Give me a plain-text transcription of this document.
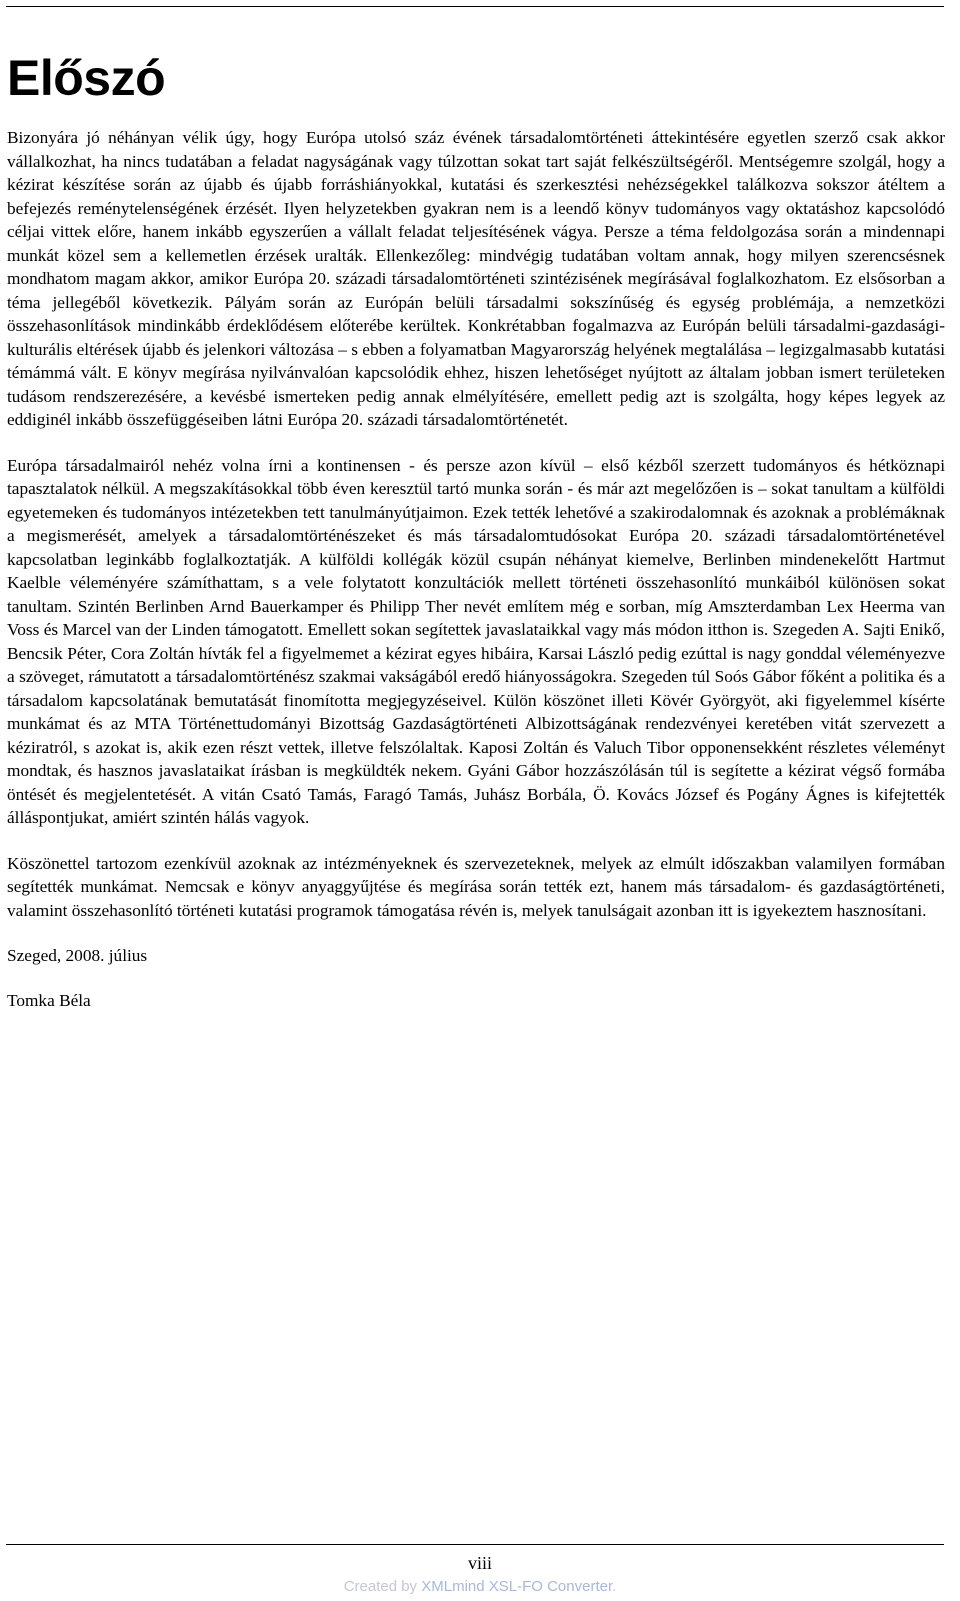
Előszó

Bizonyára jó néhányan vélik úgy, hogy Európa utolsó száz évének társadalomtörténeti áttekintésére egyetlen szerző csak akkor vállalkozhat, ha nincs tudatában a feladat nagyságának vagy túlzottan sokat tart saját felkészültségéről. Mentségemre szolgál, hogy a kézirat készítése során az újabb és újabb forráshiányokkal, kutatási és szerkesztési nehézségekkel találkozva sokszor átéltem a befejezés reménytelenségének érzését. Ilyen helyzetekben gyakran nem is a leendő könyv tudományos vagy oktatáshoz kapcsolódó céljai vittek előre, hanem inkább egyszerűen a vállalt feladat teljesítésének vágya. Persze a téma feldolgozása során a mindennapi munkát közel sem a kellemetlen érzések uralták. Ellenkezőleg: mindvégig tudatában voltam annak, hogy milyen szerencsésnek mondhatom magam akkor, amikor Európa 20. századi társadalomtörténeti szintézisének megírásával foglalkozhatom. Ez elsősorban a téma jellegéből következik. Pályám során az Európán belüli társadalmi sokszínűség és egység problémája, a nemzetközi összehasonlítások mindinkább érdeklődésem előterébe kerültek. Konkrétabban fogalmazva az Európán belüli társadalmi-gazdasági-kulturális eltérések újabb és jelenkori változása – s ebben a folyamatban Magyarország helyének megtalálása – legizgalmasabb kutatási témámmá vált. E könyv megírása nyilvánvalóan kapcsolódik ehhez, hiszen lehetőséget nyújtott az általam jobban ismert területeken tudásom rendszerezésére, a kevésbé ismerteken pedig annak elmélyítésére, emellett pedig azt is szolgálta, hogy képes legyek az eddiginél inkább összefüggéseiben látni Európa 20. századi társadalomtörténetét.

Európa társadalmairól nehéz volna írni a kontinensen - és persze azon kívül – első kézből szerzett tudományos és hétköznapi tapasztalatok nélkül. A megszakításokkal több éven keresztül tartó munka során - és már azt megelőzően is – sokat tanultam a külföldi egyetemeken és tudományos intézetekben tett tanulmányútjaimon. Ezek tették lehetővé a szakirodalomnak és azoknak a problémáknak a megismerését, amelyek a társadalomtörténészeket és más társadalomtudósokat Európa 20. századi társadalomtörténetével kapcsolatban leginkább foglalkoztatják. A külföldi kollégák közül csupán néhányat kiemelve, Berlinben mindenekelőtt Hartmut Kaelble véleményére számíthattam, s a vele folytatott konzultációk mellett történeti összehasonlító munkáiból különösen sokat tanultam. Szintén Berlinben Arnd Bauerkamper és Philipp Ther nevét említem még e sorban, míg Amszterdamban Lex Heerma van Voss és Marcel van der Linden támogatott. Emellett sokan segítettek javaslataikkal vagy más módon itthon is. Szegeden A. Sajti Enikő, Bencsik Péter, Cora Zoltán hívták fel a figyelmemet a kézirat egyes hibáira, Karsai László pedig ezúttal is nagy gonddal véleményezve a szöveget, rámutatott a társadalomtörténész szakmai vakságából eredő hiányosságokra. Szegeden túl Soós Gábor főként a politika és a társadalom kapcsolatának bemutatását finomította megjegyzéseivel. Külön köszönet illeti Kövér Györgyöt, aki figyelemmel kísérte munkámat és az MTA Történettudományi Bizottság Gazdaságtörténeti Albizottságának rendezvényei keretében vitát szervezett a kéziratról, s azokat is, akik ezen részt vettek, illetve felszólaltak. Kaposi Zoltán és Valuch Tibor opponensekként részletes véleményt mondtak, és hasznos javaslataikat írásban is megküldték nekem. Gyáni Gábor hozzászólásán túl is segítette a kézirat végső formába öntését és megjelentetését. A vitán Csató Tamás, Faragó Tamás, Juhász Borbála, Ö. Kovács József és Pogány Ágnes is kifejtették álláspontjukat, amiért szintén hálás vagyok.

Köszönettel tartozom ezenkívül azoknak az intézményeknek és szervezeteknek, melyek az elmúlt időszakban valamilyen formában segítették munkámat. Nemcsak e könyv anyaggyűjtése és megírása során tették ezt, hanem más társadalom- és gazdaságtörténeti, valamint összehasonlító történeti kutatási programok támogatása révén is, melyek tanulságait azonban itt is igyekeztem hasznosítani.

Szeged, 2008. július

Tomka Béla

viii
Created by XMLmind XSL-FO Converter.
